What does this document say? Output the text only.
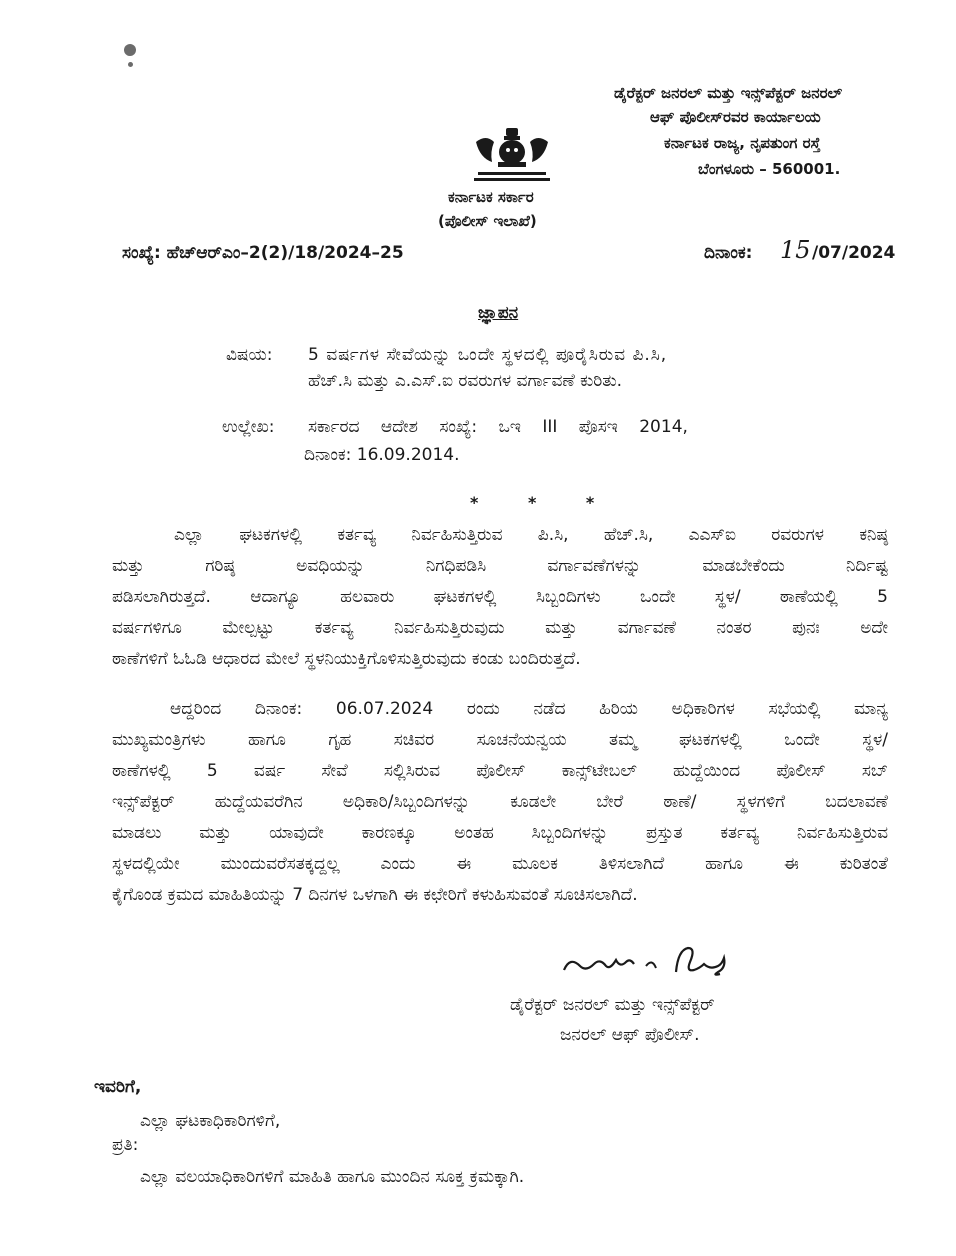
ಡೈರೆಕ್ಟರ್ ಜನರಲ್ ಮತ್ತು ಇನ್ಸ್‌ಪೆಕ್ಟರ್ ಜನರಲ್
ಆಫ್ ಪೊಲೀಸ್‌ರವರ ಕಾರ್ಯಾಲಯ
ಕರ್ನಾಟಕ ರಾಜ್ಯ, ನೃಪತುಂಗ ರಸ್ತೆ
ಬೆಂಗಳೂರು – 560001.
ಕರ್ನಾಟಕ ಸರ್ಕಾರ
(ಪೊಲೀಸ್ ಇಲಾಖೆ)
ಸಂಖ್ಯೆ: ಹೆಚ್‌ಆರ್‌ಎಂ–2(2)/18/2024–25	ದಿನಾಂಕ: 15 /07/2024
ಜ್ಞಾಪನ
ವಿಷಯ: 5 ವರ್ಷಗಳ ಸೇವೆಯನ್ನು ಒಂದೇ ಸ್ಥಳದಲ್ಲಿ ಪೂರೈಸಿರುವ ಪಿ.ಸಿ,
ಹೆಚ್.ಸಿ ಮತ್ತು ಎ.ಎಸ್.ಐ ರವರುಗಳ ವರ್ಗಾವಣೆ ಕುರಿತು.
ಉಲ್ಲೇಖ: ಸರ್ಕಾರದ ಆದೇಶ ಸಂಖ್ಯೆ: ಒಇ III ಪೊಸಇ 2014,
ದಿನಾಂಕ: 16.09.2014.
* * *
ಎಲ್ಲಾ ಘಟಕಗಳಲ್ಲಿ ಕರ್ತವ್ಯ ನಿರ್ವಹಿಸುತ್ತಿರುವ ಪಿ.ಸಿ, ಹೆಚ್.ಸಿ, ಎಎಸ್‌ಐ ರವರುಗಳ ಕನಿಷ್ಠ
ಮತ್ತು ಗರಿಷ್ಠ ಅವಧಿಯನ್ನು ನಿಗಧಿಪಡಿಸಿ ವರ್ಗಾವಣೆಗಳನ್ನು ಮಾಡಬೇಕೆಂದು ನಿರ್ದಿಷ್ಟ
ಪಡಿಸಲಾಗಿರುತ್ತದೆ. ಆದಾಗ್ಯೂ ಹಲವಾರು ಘಟಕಗಳಲ್ಲಿ ಸಿಬ್ಬಂದಿಗಳು ಒಂದೇ ಸ್ಥಳ/ ಠಾಣೆಯಲ್ಲಿ 5
ವರ್ಷಗಳಿಗೂ ಮೇಲ್ಪಟ್ಟು ಕರ್ತವ್ಯ ನಿರ್ವಹಿಸುತ್ತಿರುವುದು ಮತ್ತು ವರ್ಗಾವಣೆ ನಂತರ ಪುನಃ ಅದೇ
ಠಾಣೆಗಳಿಗೆ ಓಓಡಿ ಆಧಾರದ ಮೇಲೆ ಸ್ಥಳನಿಯುಕ್ತಿಗೊಳಿಸುತ್ತಿರುವುದು ಕಂಡು ಬಂದಿರುತ್ತದೆ.
ಆದ್ದರಿಂದ ದಿನಾಂಕ: 06.07.2024 ರಂದು ನಡೆದ ಹಿರಿಯ ಅಧಿಕಾರಿಗಳ ಸಭೆಯಲ್ಲಿ ಮಾನ್ಯ
ಮುಖ್ಯಮಂತ್ರಿಗಳು ಹಾಗೂ ಗೃಹ ಸಚಿವರ ಸೂಚನೆಯನ್ವಯ ತಮ್ಮ ಘಟಕಗಳಲ್ಲಿ ಒಂದೇ ಸ್ಥಳ/
ಠಾಣೆಗಳಲ್ಲಿ 5 ವರ್ಷ ಸೇವೆ ಸಲ್ಲಿಸಿರುವ ಪೊಲೀಸ್ ಕಾನ್ಸ್‌ಟೇಬಲ್ ಹುದ್ದೆಯಿಂದ ಪೊಲೀಸ್ ಸಬ್
ಇನ್ಸ್‌ಪೆಕ್ಟರ್ ಹುದ್ದೆಯವರೆಗಿನ ಅಧಿಕಾರಿ/ಸಿಬ್ಬಂದಿಗಳನ್ನು ಕೂಡಲೇ ಬೇರೆ ಠಾಣೆ/ ಸ್ಥಳಗಳಿಗೆ ಬದಲಾವಣೆ
ಮಾಡಲು ಮತ್ತು ಯಾವುದೇ ಕಾರಣಕ್ಕೂ ಅಂತಹ ಸಿಬ್ಬಂದಿಗಳನ್ನು ಪ್ರಸ್ತುತ ಕರ್ತವ್ಯ ನಿರ್ವಹಿಸುತ್ತಿರುವ
ಸ್ಥಳದಲ್ಲಿಯೇ ಮುಂದುವರೆಸತಕ್ಕದ್ದಲ್ಲ ಎಂದು ಈ ಮೂಲಕ ತಿಳಿಸಲಾಗಿದೆ ಹಾಗೂ ಈ ಕುರಿತಂತೆ
ಕೈಗೊಂಡ ಕ್ರಮದ ಮಾಹಿತಿಯನ್ನು 7 ದಿನಗಳ ಒಳಗಾಗಿ ಈ ಕಛೇರಿಗೆ ಕಳುಹಿಸುವಂತೆ ಸೂಚಿಸಲಾಗಿದೆ.
ಡೈರೆಕ್ಟರ್ ಜನರಲ್ ಮತ್ತು ಇನ್ಸ್‌ಪೆಕ್ಟರ್
ಜನರಲ್ ಆಫ್ ಪೊಲೀಸ್.
ಇವರಿಗೆ,
ಎಲ್ಲಾ ಘಟಕಾಧಿಕಾರಿಗಳಿಗೆ,
ಪ್ರತಿ:
ಎಲ್ಲಾ ವಲಯಾಧಿಕಾರಿಗಳಿಗೆ ಮಾಹಿತಿ ಹಾಗೂ ಮುಂದಿನ ಸೂಕ್ತ ಕ್ರಮಕ್ಕಾಗಿ.
